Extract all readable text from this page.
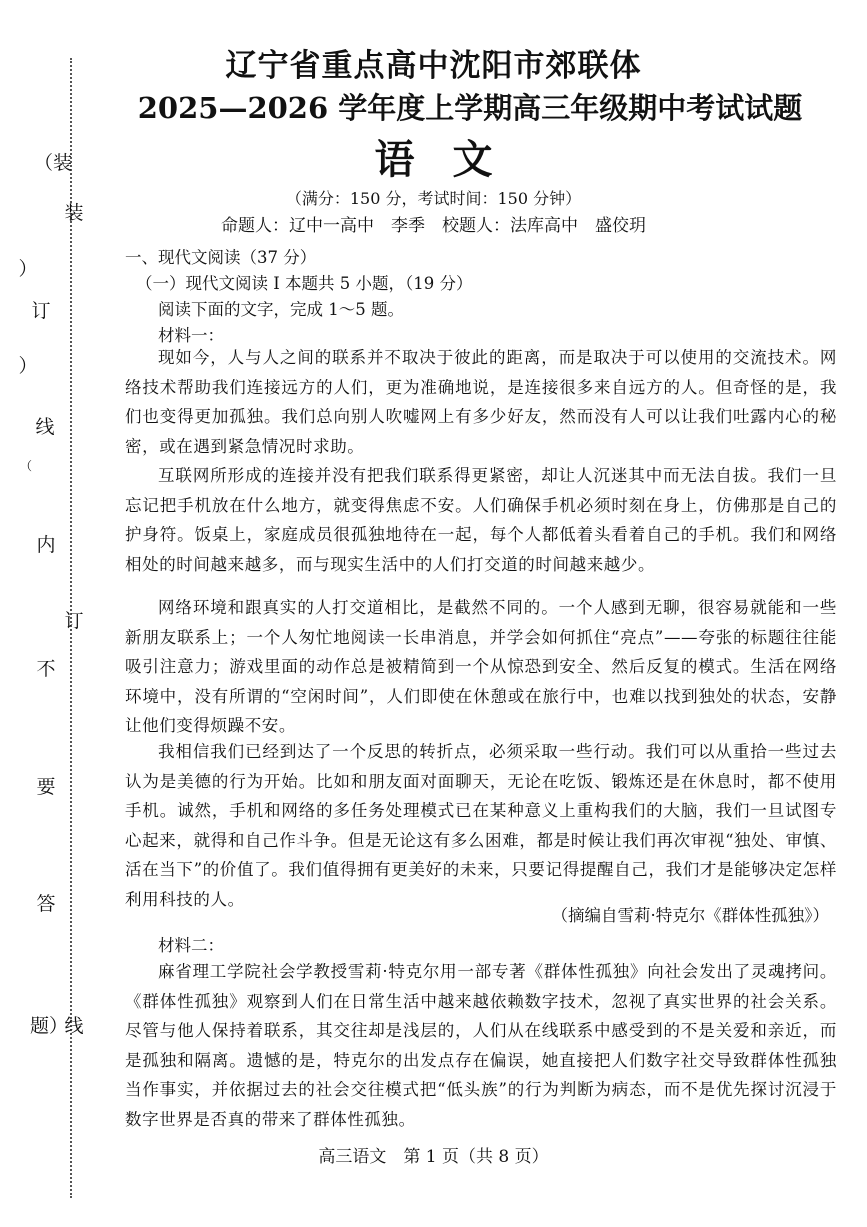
（装
）
订
）
线
（
内
不
要
答
题）
装
订
线
辽宁省重点高中沈阳市郊联体
2025—2026 学年度上学期高三年级期中考试试题
语文
（满分：150 分，考试时间：150 分钟）
命题人：辽中一高中　李季　校题人：法库高中　盛佼玥
一、现代文阅读（37 分）
（一）现代文阅读 I 本题共 5 小题，（19 分）
阅读下面的文字，完成 1～5 题。
材料一：

现如今，人与人之间的联系并不取决于彼此的距离，而是取决于可以使用的交流技术。网络技术帮助我们连接远方的人们，更为准确地说，是连接很多来自远方的人。但奇怪的是，我们也变得更加孤独。我们总向别人吹嘘网上有多少好友，然而没有人可以让我们吐露内心的秘密，或在遇到紧急情况时求助。

互联网所形成的连接并没有把我们联系得更紧密，却让人沉迷其中而无法自拔。我们一旦忘记把手机放在什么地方，就变得焦虑不安。人们确保手机必须时刻在身上，仿佛那是自己的护身符。饭桌上，家庭成员很孤独地待在一起，每个人都低着头看着自己的手机。我们和网络相处的时间越来越多，而与现实生活中的人们打交道的时间越来越少。

网络环境和跟真实的人打交道相比，是截然不同的。一个人感到无聊，很容易就能和一些新朋友联系上；一个人匆忙地阅读一长串消息，并学会如何抓住“亮点”——夸张的标题往往能吸引注意力；游戏里面的动作总是被精简到一个从惊恐到安全、然后反复的模式。生活在网络环境中，没有所谓的“空闲时间”，人们即使在休憩或在旅行中，也难以找到独处的状态，安静让他们变得烦躁不安。

我相信我们已经到达了一个反思的转折点，必须采取一些行动。我们可以从重拾一些过去认为是美德的行为开始。比如和朋友面对面聊天，无论在吃饭、锻炼还是在休息时，都不使用手机。诚然，手机和网络的多任务处理模式已在某种意义上重构我们的大脑，我们一旦试图专心起来，就得和自己作斗争。但是无论这有多么困难，都是时候让我们再次审视“独处、审慎、活在当下”的价值了。我们值得拥有更美好的未来，只要记得提醒自己，我们才是能够决定怎样利用科技的人。

（摘编自雪莉·特克尔《群体性孤独》）
材料二：

麻省理工学院社会学教授雪莉·特克尔用一部专著《群体性孤独》向社会发出了灵魂拷问。《群体性孤独》观察到人们在日常生活中越来越依赖数字技术，忽视了真实世界的社会关系。尽管与他人保持着联系，其交往却是浅层的，人们从在线联系中感受到的不是关爱和亲近，而是孤独和隔离。遗憾的是，特克尔的出发点存在偏误，她直接把人们数字社交导致群体性孤独当作事实，并依据过去的社会交往模式把“低头族”的行为判断为病态，而不是优先探讨沉浸于数字世界是否真的带来了群体性孤独。

高三语文　第 1 页（共 8 页）
